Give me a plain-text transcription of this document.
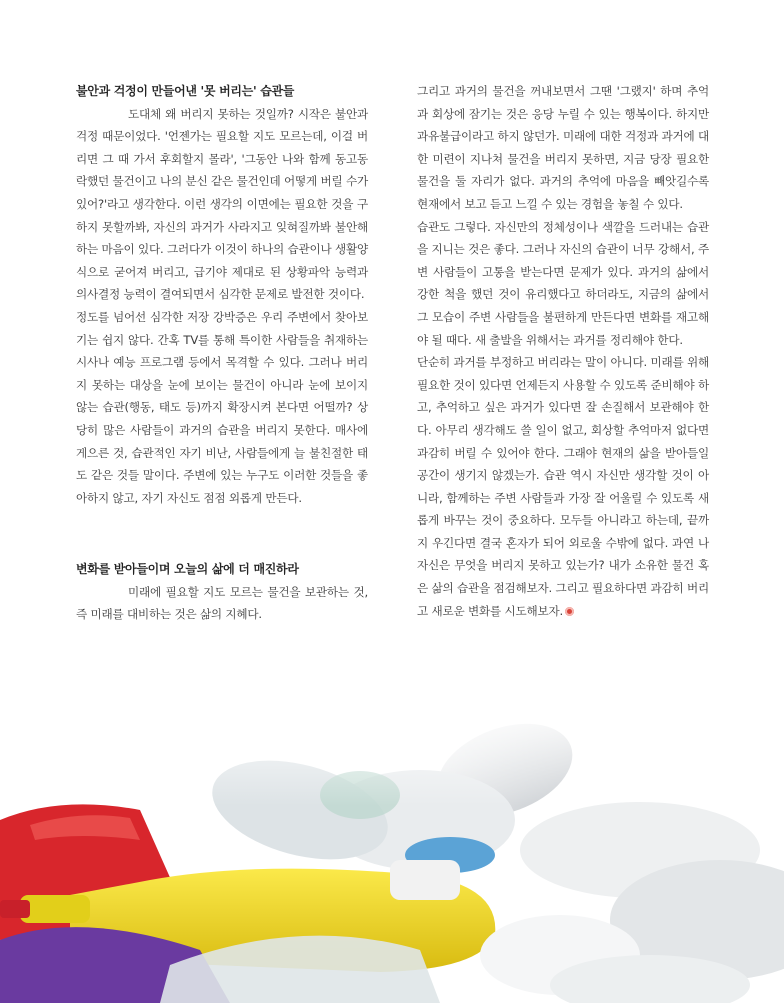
불안과 걱정이 만들어낸 '못 버리는' 습관들

도대체 왜 버리지 못하는 것일까? 시작은 불안과 걱정 때문이었다. '언젠가는 필요할 지도 모르는데, 이걸 버리면 그 때 가서 후회할지 몰라', '그동안 나와 함께 동고동락했던 물건이고 나의 분신 같은 물건인데 어떻게 버릴 수가 있어?'라고 생각한다. 이런 생각의 이면에는 필요한 것을 구하지 못할까봐, 자신의 과거가 사라지고 잊혀질까봐 불안해하는 마음이 있다. 그러다가 이것이 하나의 습관이나 생활양식으로 굳어져 버리고, 급기야 제대로 된 상황파악 능력과 의사결정 능력이 결여되면서 심각한 문제로 발전한 것이다.

정도를 넘어선 심각한 저장 강박증은 우리 주변에서 찾아보기는 쉽지 않다. 간혹 TV를 통해 특이한 사람들을 취재하는 시사나 예능 프로그램 등에서 목격할 수 있다. 그러나 버리지 못하는 대상을 눈에 보이는 물건이 아니라 눈에 보이지 않는 습관(행동, 태도 등)까지 확장시켜 본다면 어떨까? 상당히 많은 사람들이 과거의 습관을 버리지 못한다. 매사에 게으른 것, 습관적인 자기 비난, 사람들에게 늘 불친절한 태도 같은 것들 말이다. 주변에 있는 누구도 이러한 것들을 좋아하지 않고, 자기 자신도 점점 외롭게 만든다.

변화를 받아들이며 오늘의 삶에 더 매진하라

미래에 필요할 지도 모르는 물건을 보관하는 것, 즉 미래를 대비하는 것은 삶의 지혜다.

그리고 과거의 물건을 꺼내보면서 그땐 '그랬지' 하며 추억과 회상에 잠기는 것은 응당 누릴 수 있는 행복이다. 하지만 과유불급이라고 하지 않던가. 미래에 대한 걱정과 과거에 대한 미련이 지나쳐 물건을 버리지 못하면, 지금 당장 필요한 물건을 둘 자리가 없다. 과거의 추억에 마음을 빼앗길수록 현재에서 보고 듣고 느낄 수 있는 경험을 놓칠 수 있다.

습관도 그렇다. 자신만의 정체성이나 색깔을 드러내는 습관을 지니는 것은 좋다. 그러나 자신의 습관이 너무 강해서, 주변 사람들이 고통을 받는다면 문제가 있다. 과거의 삶에서 강한 척을 했던 것이 유리했다고 하더라도, 지금의 삶에서 그 모습이 주변 사람들을 불편하게 만든다면 변화를 재고해야 될 때다. 새 출발을 위해서는 과거를 정리해야 한다.

단순히 과거를 부정하고 버리라는 말이 아니다. 미래를 위해 필요한 것이 있다면 언제든지 사용할 수 있도록 준비해야 하고, 추억하고 싶은 과거가 있다면 잘 손질해서 보관해야 한다. 아무리 생각해도 쓸 일이 없고, 회상할 추억마저 없다면 과감히 버릴 수 있어야 한다. 그래야 현재의 삶을 받아들일 공간이 생기지 않겠는가. 습관 역시 자신만 생각할 것이 아니라, 함께하는 주변 사람들과 가장 잘 어울릴 수 있도록 새롭게 바꾸는 것이 중요하다. 모두들 아니라고 하는데, 끝까지 우긴다면 결국 혼자가 되어 외로울 수밖에 없다. 과연 나 자신은 무엇을 버리지 못하고 있는가? 내가 소유한 물건 혹은 삶의 습관을 점검해보자. 그리고 필요하다면 과감히 버리고 새로운 변화를 시도해보자.
